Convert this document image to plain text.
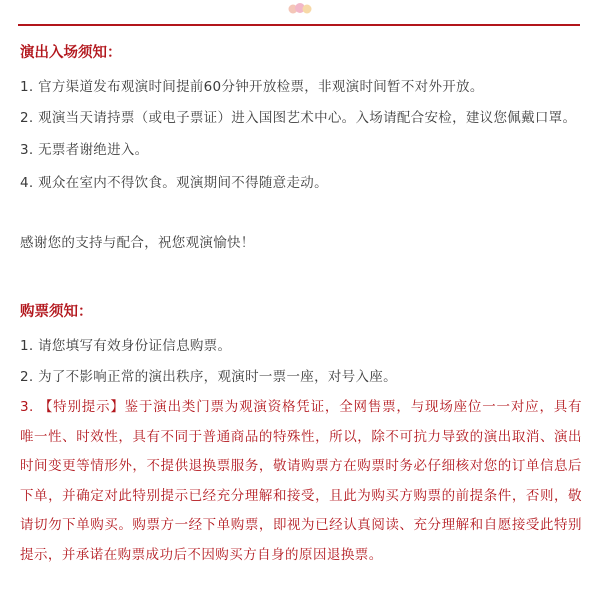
演出入场须知：

1. 官方渠道发布观演时间提前60分钟开放检票，非观演时间暂不对外开放。

2. 观演当天请持票（或电子票证）进入国图艺术中心。入场请配合安检，建议您佩戴口罩。

3. 无票者谢绝进入。

4. 观众在室内不得饮食。观演期间不得随意走动。

感谢您的支持与配合，祝您观演愉快！

购票须知：

1. 请您填写有效身份证信息购票。

2. 为了不影响正常的演出秩序，观演时一票一座，对号入座。

3. 【特别提示】鉴于演出类门票为观演资格凭证，全网售票，与现场座位一一对应，具有唯一性、时效性，具有不同于普通商品的特殊性，所以，除不可抗力导致的演出取消、演出时间变更等情形外，不提供退换票服务，敬请购票方在购票时务必仔细核对您的订单信息后下单，并确定对此特别提示已经充分理解和接受，且此为购买方购票的前提条件，否则，敬请切勿下单购买。购票方一经下单购票，即视为已经认真阅读、充分理解和自愿接受此特别提示，并承诺在购票成功后不因购买方自身的原因退换票。
